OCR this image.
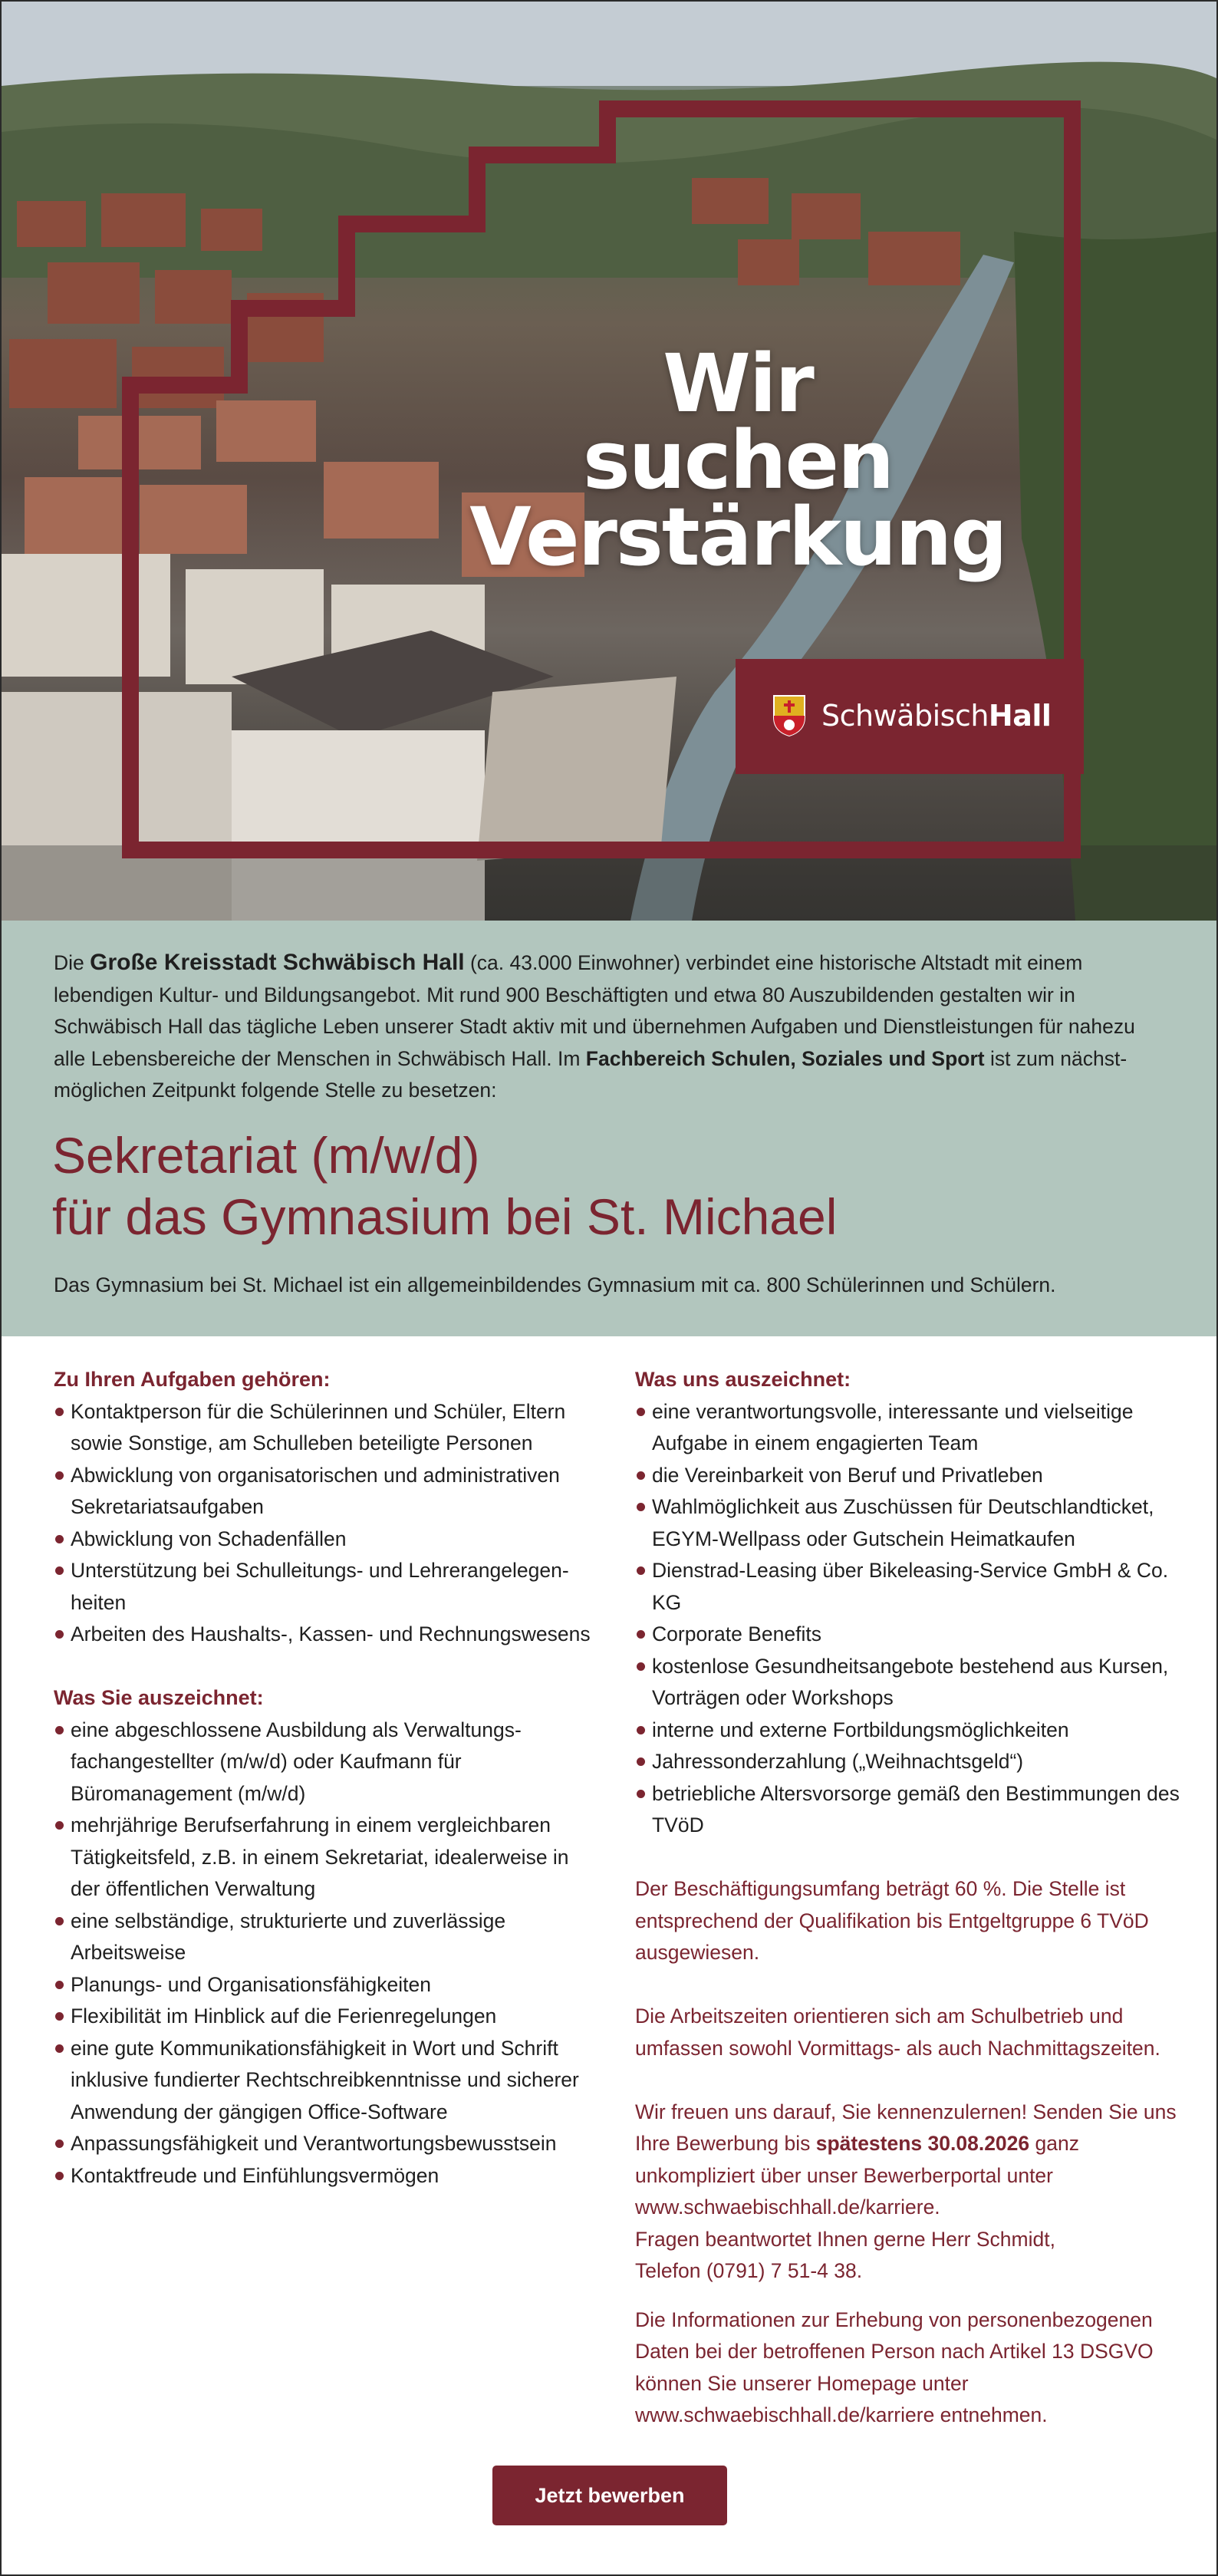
Wir
suchen
Verstärkung
SchwäbischHall
Die Große Kreisstadt Schwäbisch Hall (ca. 43.000 Einwohner) verbindet eine historische Altstadt mit einem lebendigen Kultur- und Bildungsangebot. Mit rund 900 Beschäftigten und etwa 80 Auszubildenden gestalten wir in Schwäbisch Hall das tägliche Leben unserer Stadt aktiv mit und übernehmen Aufgaben und Dienstleistungen für nahezu alle Lebensbereiche der Menschen in Schwäbisch Hall. Im Fachbereich Schulen, Soziales und Sport ist zum nächst-möglichen Zeitpunkt folgende Stelle zu besetzen:
Sekretariat (m/w/d)
für das Gymnasium bei St. Michael
Das Gymnasium bei St. Michael ist ein allgemeinbildendes Gymnasium mit ca. 800 Schülerinnen und Schülern.
Zu Ihren Aufgaben gehören:
Kontaktperson für die Schülerinnen und Schüler, Eltern sowie Sonstige, am Schulleben beteiligte Personen
Abwicklung von organisatorischen und administrativen Sekretariatsaufgaben
Abwicklung von Schadenfällen
Unterstützung bei Schulleitungs- und Lehrerangelegen-heiten
Arbeiten des Haushalts-, Kassen- und Rechnungswesens
Was Sie auszeichnet:
eine abgeschlossene Ausbildung als Verwaltungs-fachangestellter (m/w/d) oder Kaufmann für Büromanagement (m/w/d)
mehrjährige Berufserfahrung in einem vergleichbaren Tätigkeitsfeld, z.B. in einem Sekretariat, idealerweise in der öffentlichen Verwaltung
eine selbständige, strukturierte und zuverlässige Arbeitsweise
Planungs- und Organisationsfähigkeiten
Flexibilität im Hinblick auf die Ferienregelungen
eine gute Kommunikationsfähigkeit in Wort und Schrift inklusive fundierter Rechtschreibkenntnisse und sicherer Anwendung der gängigen Office-Software
Anpassungsfähigkeit und Verantwortungsbewusstsein
Kontaktfreude und Einfühlungsvermögen
Was uns auszeichnet:
eine verantwortungsvolle, interessante und vielseitige Aufgabe in einem engagierten Team
die Vereinbarkeit von Beruf und Privatleben
Wahlmöglichkeit aus Zuschüssen für Deutschlandticket, EGYM-Wellpass oder Gutschein Heimatkaufen
Dienstrad-Leasing über Bikeleasing-Service GmbH & Co. KG
Corporate Benefits
kostenlose Gesundheitsangebote bestehend aus Kursen, Vorträgen oder Workshops
interne und externe Fortbildungsmöglichkeiten
Jahressonderzahlung („Weihnachtsgeld“)
betriebliche Altersvorsorge gemäß den Bestimmungen des TVöD
Der Beschäftigungsumfang beträgt 60 %. Die Stelle ist entsprechend der Qualifikation bis Entgeltgruppe 6 TVöD ausgewiesen.
Die Arbeitszeiten orientieren sich am Schulbetrieb und umfassen sowohl Vormittags- als auch Nachmittagszeiten.
Wir freuen uns darauf, Sie kennenzulernen! Senden Sie uns Ihre Bewerbung bis spätestens 30.08.2026 ganz unkompliziert über unser Bewerberportal unter
www.schwaebischhall.de/karriere.
Fragen beantwortet Ihnen gerne Herr Schmidt,
Telefon (0791) 7 51-4 38.
Die Informationen zur Erhebung von personenbezogenen Daten bei der betroffenen Person nach Artikel 13 DSGVO können Sie unserer Homepage unter www.schwaebischhall.de/karriere entnehmen.
Jetzt bewerben
